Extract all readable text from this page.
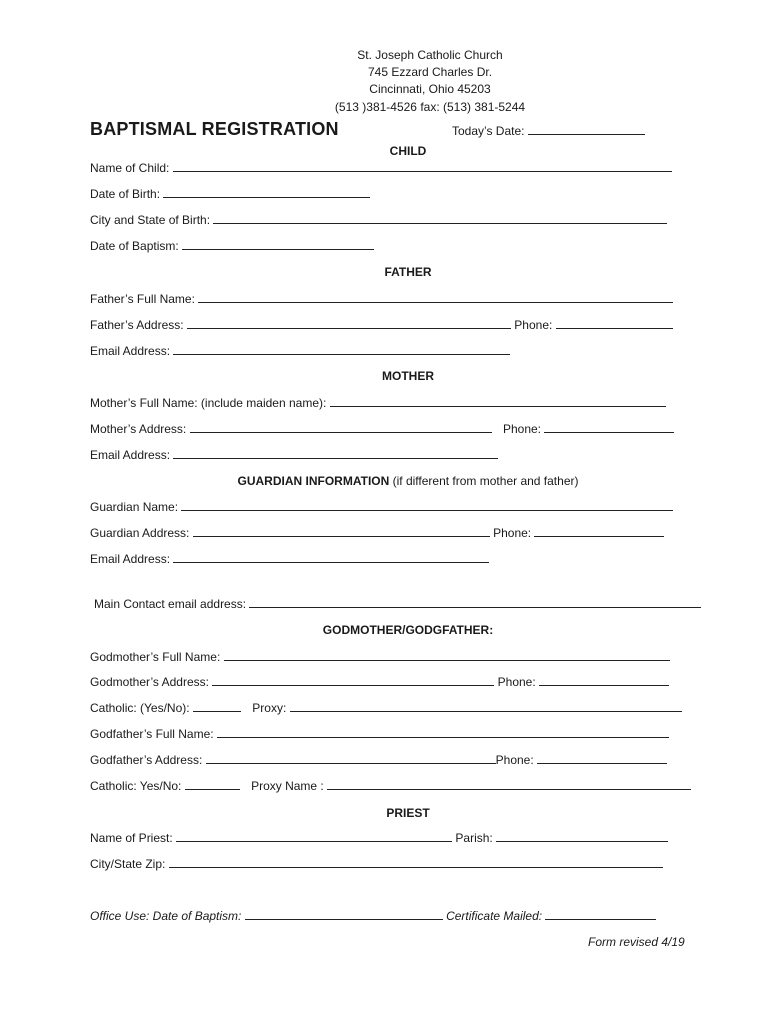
St. Joseph Catholic Church
745 Ezzard Charles Dr.
Cincinnati, Ohio 45203
(513 )381-4526 fax: (513) 381-5244
BAPTISMAL REGISTRATION	Today’s Date:
CHILD
Name of Child:
Date of Birth:
City and State of Birth:
Date of Baptism:
FATHER
Father’s Full Name:
Father’s Address:	Phone:
Email Address:
MOTHER
Mother’s Full Name: (include maiden name):
Mother’s Address:	Phone:
Email Address:
GUARDIAN INFORMATION (if different from mother and father)
Guardian Name:
Guardian Address:	Phone:
Email Address:
Main Contact email address:
GODMOTHER/GODGFATHER:
Godmother’s Full Name:
Godmother’s Address:	Phone:
Catholic: (Yes/No):	Proxy:
Godfather’s Full Name:
Godfather’s Address:	Phone:
Catholic: Yes/No:	Proxy Name :
PRIEST
Name of Priest:	Parish:
City/State Zip:
Office Use: Date of Baptism:	Certificate Mailed:
Form revised 4/19
